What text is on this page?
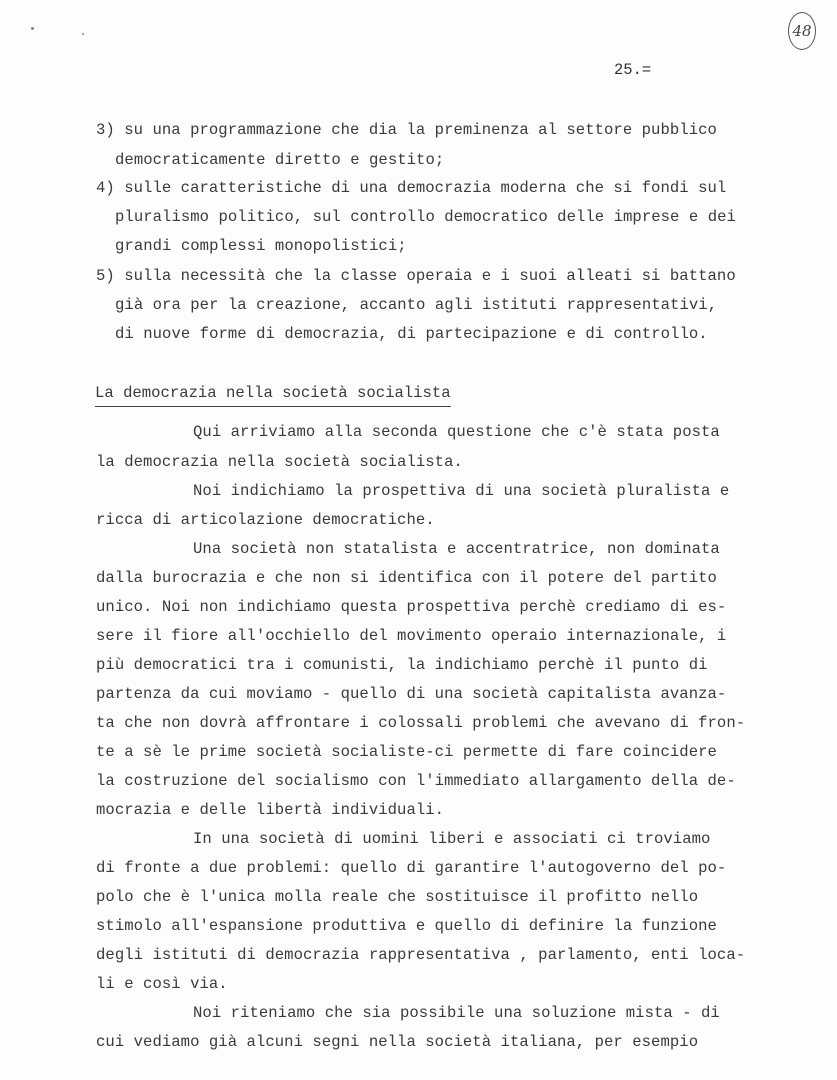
48
25.=
3) su una programmazione che dia la preminenza al settore pubblico
democraticamente diretto e gestito;
4) sulle caratteristiche di una democrazia moderna che si fondi sul
pluralismo politico, sul controllo democratico delle imprese e dei
grandi complessi monopolistici;
5) sulla necessità che la classe operaia e i suoi alleati si battano
già ora per la creazione, accanto agli istituti rappresentativi,
di nuove forme di democrazia, di partecipazione e di controllo.
La democrazia nella società socialista
Qui arriviamo alla seconda questione che c'è stata posta
la democrazia nella società socialista.
Noi indichiamo la prospettiva di una società pluralista e
ricca di articolazione democratiche.
Una società non statalista e accentratrice, non dominata
dalla burocrazia e che non si identifica con il potere del partito
unico. Noi non indichiamo questa prospettiva perchè crediamo di es-
sere il fiore all'occhiello del movimento operaio internazionale, i
più democratici tra i comunisti, la indichiamo perchè il punto di
partenza da cui moviamo - quello di una società capitalista avanza-
ta che non dovrà affrontare i colossali problemi che avevano di fron-
te a sè le prime società socialiste-ci permette di fare coincidere
la costruzione del socialismo con l'immediato allargamento della de-
mocrazia e delle libertà individuali.
In una società di uomini liberi e associati ci troviamo
di fronte a due problemi: quello di garantire l'autogoverno del po-
polo che è l'unica molla reale che sostituisce il profitto nello
stimolo all'espansione produttiva e quello di definire la funzione
degli istituti di democrazia rappresentativa , parlamento, enti loca-
li e così via.
Noi riteniamo che sia possibile una soluzione mista - di
cui vediamo già alcuni segni nella società italiana, per esempio
